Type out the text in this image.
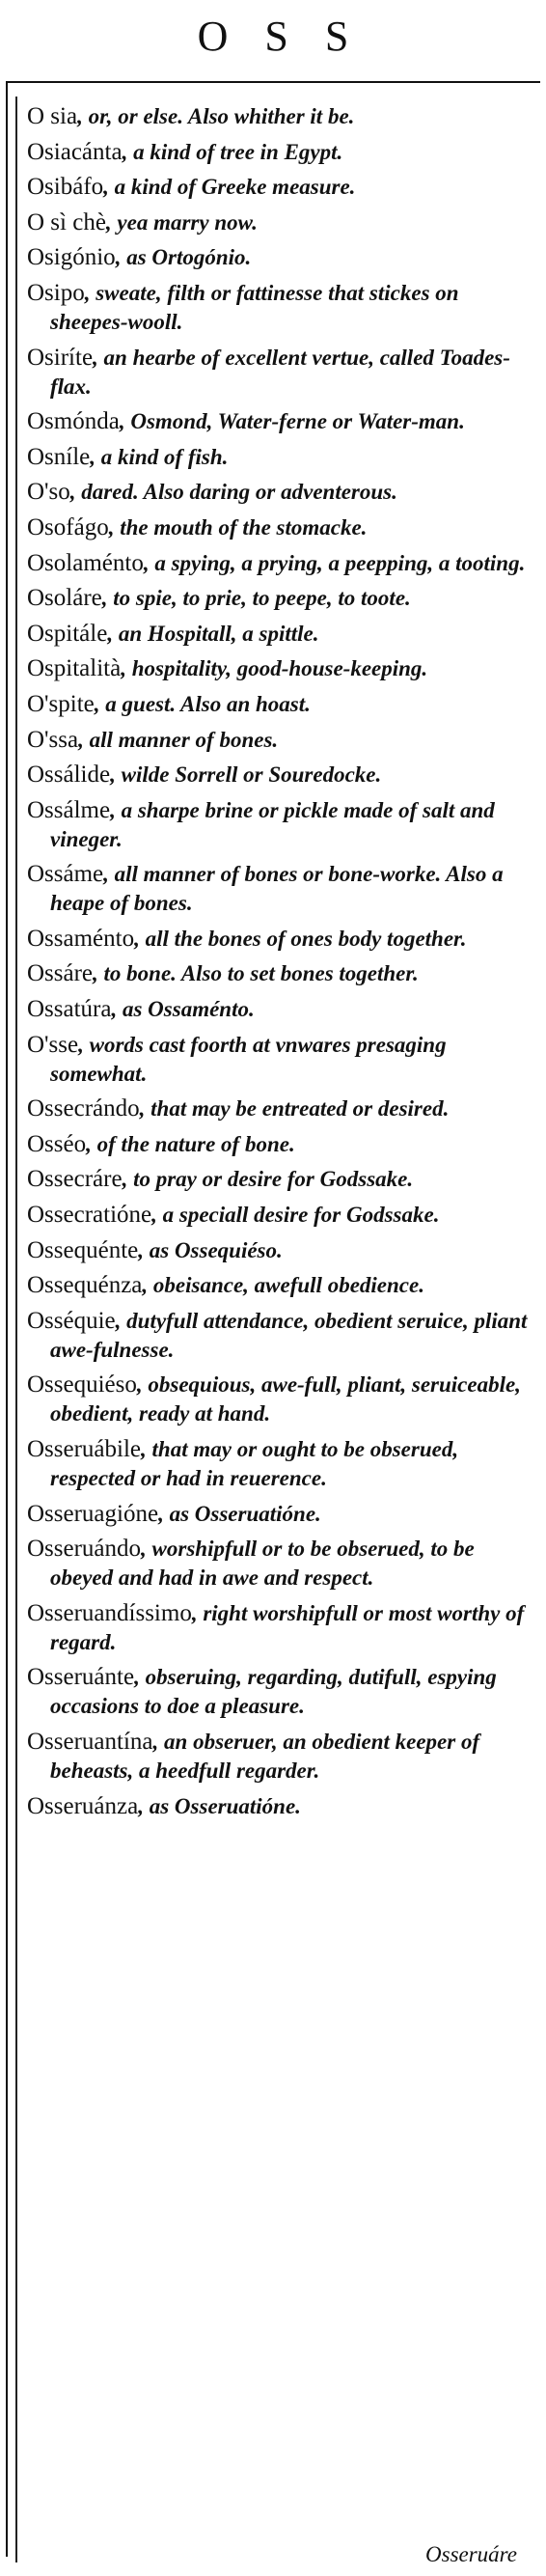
OSS
O sia, or, or else. Also whither it be.
Osiacánta, a kind of tree in Egypt.
Osibáfo, a kind of Greeke measure.
O sì chè, yea marry now.
Osigónio, as Ortogónio.
Osipo, sweate, filth or fattinesse that stickes on sheepes-wooll.
Osiríte, an hearbe of excellent vertue, called Toades-flax.
Osmónda, Osmond, Water-ferne or Water-man.
Osníle, a kind of fish.
O'so, dared. Also daring or adventerous.
Osofágo, the mouth of the stomacke.
Osolaménto, a spying, a prying, a peepping, a tooting.
Osoláre, to spie, to prie, to peepe, to toote.
Ospitále, an Hospitall, a spittle.
Ospitalità, hospitality, good-house-keeping.
O'spite, a guest. Also an hoast.
O'ssa, all manner of bones.
Ossálide, wilde Sorrell or Souredocke.
Ossálme, a sharpe brine or pickle made of salt and vineger.
Ossáme, all manner of bones or bone-worke. Also a heape of bones.
Ossaménto, all the bones of ones body together.
Ossáre, to bone. Also to set bones together.
Ossatúra, as Ossaménto.
O'sse, words cast foorth at vnwares presaging somewhat.
Ossecrándo, that may be entreated or desired.
Osséo, of the nature of bone.
Ossecráre, to pray or desire for Godssake.
Ossecratióne, a speciall desire for Godssake.
Ossequénte, as Ossequiéso.
Ossequénza, obeisance, awefull obedience.
Osséquie, dutyfull attendance, obedient seruice, pliant awe-fulnesse.
Ossequiéso, obsequious, awe-full, pliant, seruiceable, obedient, ready at hand.
Osseruábile, that may or ought to be obserued, respected or had in reuerence.
Osseruagióne, as Osseruatióne.
Osseruándo, worshipfull or to be obserued, to be obeyed and had in awe and respect.
Osseruandíssimo, right worshipfull or most worthy of regard.
Osseruánte, obseruing, regarding, dutifull, espying occasions to doe a pleasure.
Osseruantína, an obseruer, an obedient keeper of beheasts, a heedfull regarder.
Osseruánza, as Osseruatióne.
Osseruáre
